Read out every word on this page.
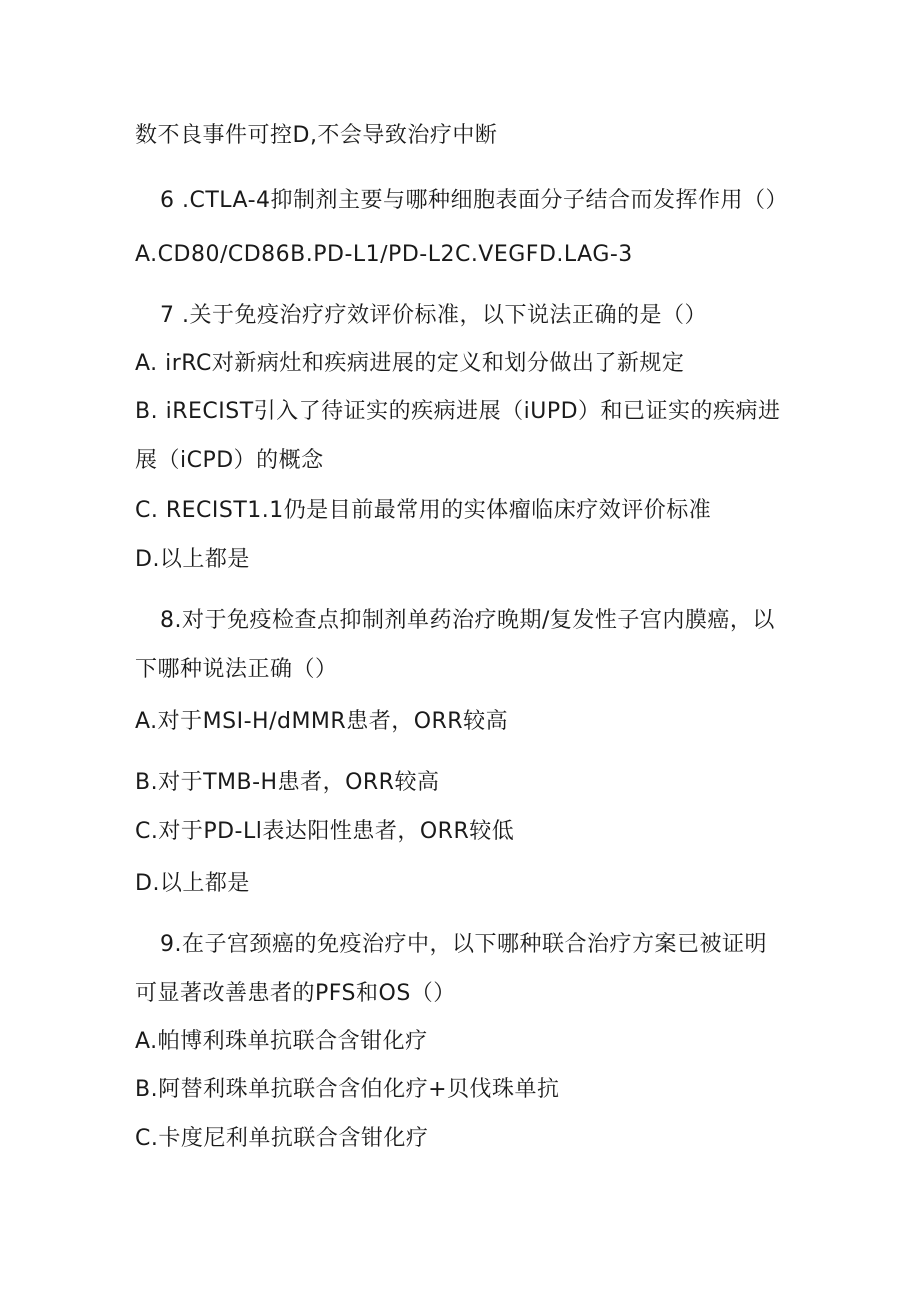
数不良事件可控D,不会导致治疗中断
6 .CTLA-4抑制剂主要与哪种细胞表面分子结合而发挥作用（）
A.CD80∕CD86B.PD-L1∕PD-L2C.VEGFD.LAG-3
7 .关于免疫治疗疗效评价标准，以下说法正确的是（）
A. irRC对新病灶和疾病进展的定义和划分做出了新规定
B. iRECIST引入了待证实的疾病进展（iUPD）和已证实的疾病进
展（iCPD）的概念
C. RECIST1.1仍是目前最常用的实体瘤临床疗效评价标准
D.以上都是
8.对于免疫检查点抑制剂单药治疗晚期/复发性子宫内膜癌，以
下哪种说法正确（）
A.对于MSI-H/dMMR患者，ORR较高
B.对于TMB-H患者，ORR较高
C.对于PD-Ll表达阳性患者，ORR较低
D.以上都是
9.在子宫颈癌的免疫治疗中，以下哪种联合治疗方案已被证明
可显著改善患者的PFS和OS（）
A.帕博利珠单抗联合含钳化疗
B.阿替利珠单抗联合含伯化疗+贝伐珠单抗
C.卡度尼利单抗联合含钳化疗
